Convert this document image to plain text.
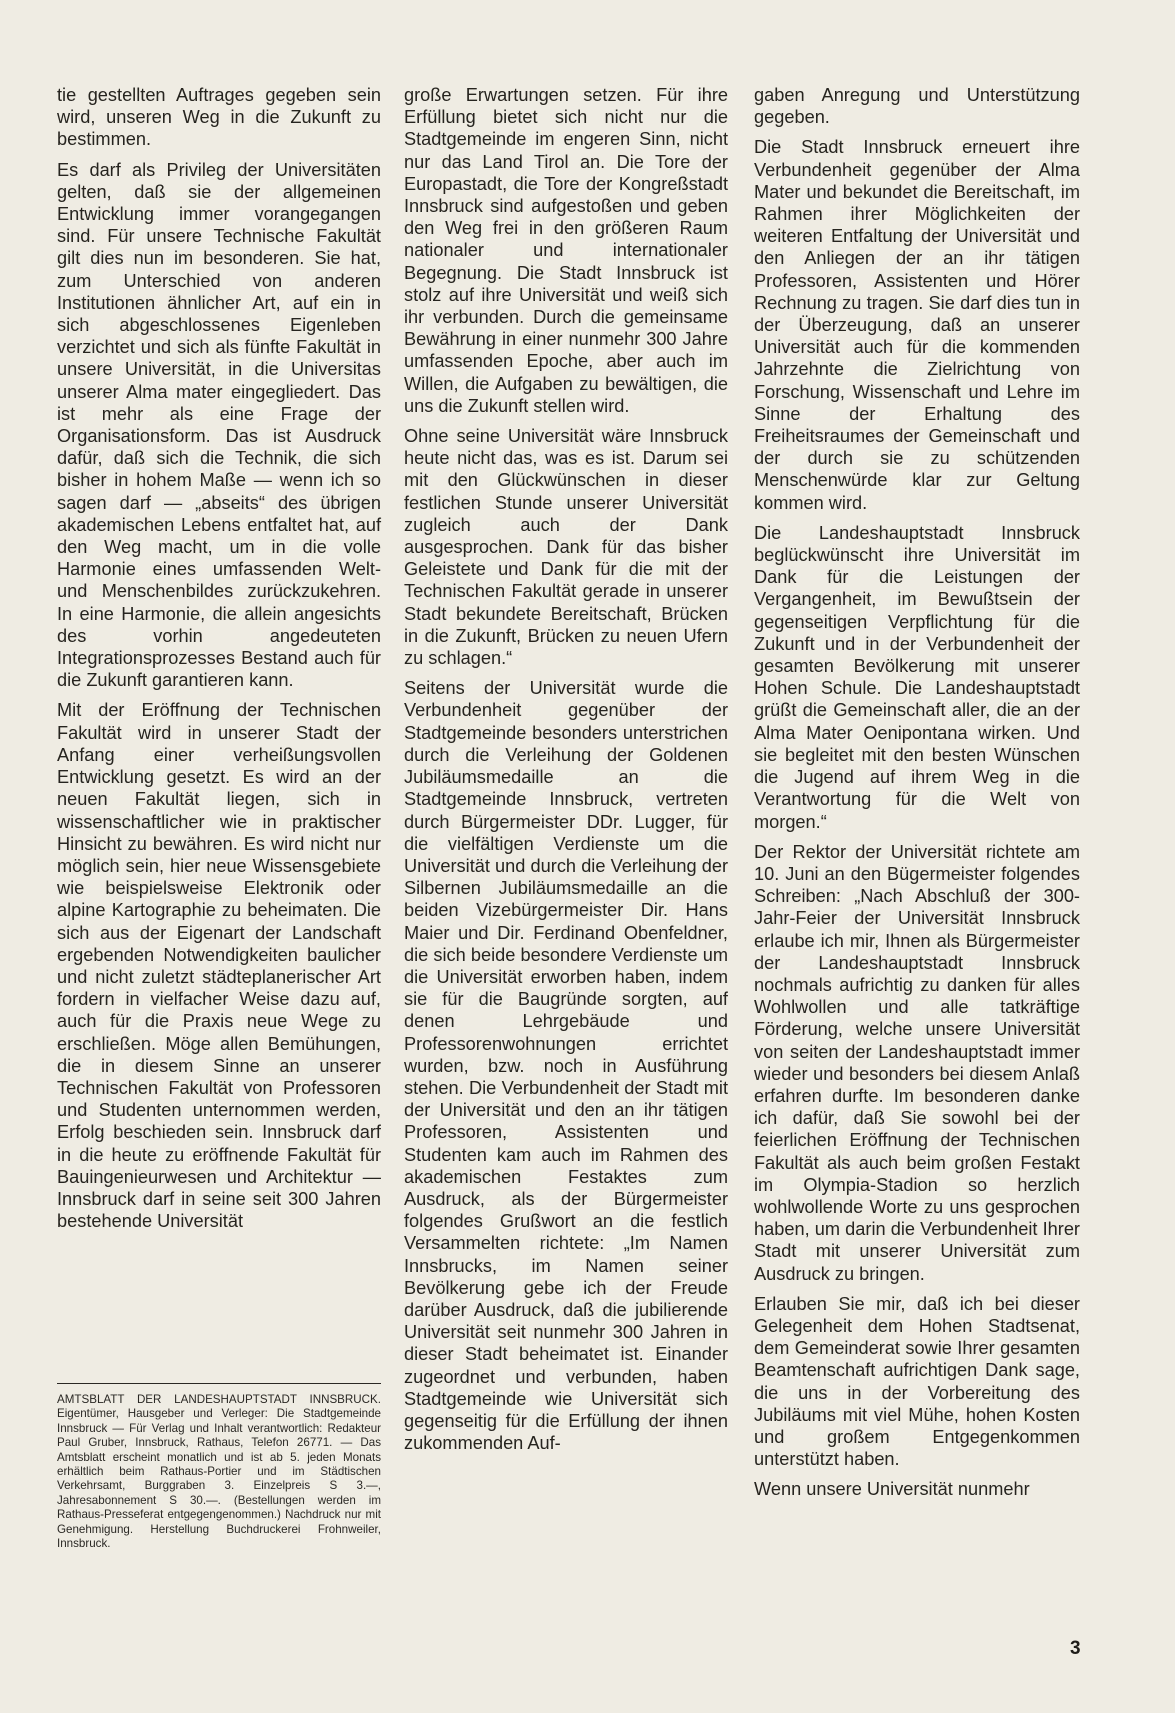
tie gestellten Auftrages gegeben sein wird, unseren Weg in die Zukunft zu bestimmen.

Es darf als Privileg der Universitäten gelten, daß sie der allgemeinen Entwicklung immer vorangegangen sind. Für unsere Technische Fakultät gilt dies nun im besonderen. Sie hat, zum Unterschied von anderen Institutionen ähnlicher Art, auf ein in sich abgeschlossenes Eigenleben verzichtet und sich als fünfte Fakultät in unsere Universität, in die Universitas unserer Alma mater eingegliedert. Das ist mehr als eine Frage der Organisationsform. Das ist Ausdruck dafür, daß sich die Technik, die sich bisher in hohem Maße — wenn ich so sagen darf — „abseits“ des übrigen akademischen Lebens entfaltet hat, auf den Weg macht, um in die volle Harmonie eines umfassenden Welt- und Menschenbildes zurückzukehren. In eine Harmonie, die allein angesichts des vorhin angedeuteten Integrationsprozesses Bestand auch für die Zukunft garantieren kann.

Mit der Eröffnung der Technischen Fakultät wird in unserer Stadt der Anfang einer verheißungsvollen Entwicklung gesetzt. Es wird an der neuen Fakultät liegen, sich in wissenschaftlicher wie in praktischer Hinsicht zu bewähren. Es wird nicht nur möglich sein, hier neue Wissensgebiete wie beispielsweise Elektronik oder alpine Kartographie zu beheimaten. Die sich aus der Eigenart der Landschaft ergebenden Notwendigkeiten baulicher und nicht zuletzt städteplanerischer Art fordern in vielfacher Weise dazu auf, auch für die Praxis neue Wege zu erschließen. Möge allen Bemühungen, die in diesem Sinne an unserer Technischen Fakultät von Professoren und Studenten unternommen werden, Erfolg beschieden sein. Innsbruck darf in die heute zu eröffnende Fakultät für Bauingenieurwesen und Architektur — Innsbruck darf in seine seit 300 Jahren bestehende Universität

große Erwartungen setzen. Für ihre Erfüllung bietet sich nicht nur die Stadtgemeinde im engeren Sinn, nicht nur das Land Tirol an. Die Tore der Europastadt, die Tore der Kongreßstadt Innsbruck sind aufgestoßen und geben den Weg frei in den größeren Raum nationaler und internationaler Begegnung. Die Stadt Innsbruck ist stolz auf ihre Universität und weiß sich ihr verbunden. Durch die gemeinsame Bewährung in einer nunmehr 300 Jahre umfassenden Epoche, aber auch im Willen, die Aufgaben zu bewältigen, die uns die Zukunft stellen wird.

Ohne seine Universität wäre Innsbruck heute nicht das, was es ist. Darum sei mit den Glückwünschen in dieser festlichen Stunde unserer Universität zugleich auch der Dank ausgesprochen. Dank für das bisher Geleistete und Dank für die mit der Technischen Fakultät gerade in unserer Stadt bekundete Bereitschaft, Brücken in die Zukunft, Brücken zu neuen Ufern zu schlagen.“

Seitens der Universität wurde die Verbundenheit gegenüber der Stadtgemeinde besonders unterstrichen durch die Verleihung der Goldenen Jubiläumsmedaille an die Stadtgemeinde Innsbruck, vertreten durch Bürgermeister DDr. Lugger, für die vielfältigen Verdienste um die Universität und durch die Verleihung der Silbernen Jubiläumsmedaille an die beiden Vizebürgermeister Dir. Hans Maier und Dir. Ferdinand Obenfeldner, die sich beide besondere Verdienste um die Universität erworben haben, indem sie für die Baugründe sorgten, auf denen Lehrgebäude und Professorenwohnungen errichtet wurden, bzw. noch in Ausführung stehen. Die Verbundenheit der Stadt mit der Universität und den an ihr tätigen Professoren, Assistenten und Studenten kam auch im Rahmen des akademischen Festaktes zum Ausdruck, als der Bürgermeister folgendes Grußwort an die festlich Versammelten richtete: „Im Namen Innsbrucks, im Namen seiner Bevölkerung gebe ich der Freude darüber Ausdruck, daß die jubilierende Universität seit nunmehr 300 Jahren in dieser Stadt beheimatet ist. Einander zugeordnet und verbunden, haben Stadtgemeinde wie Universität sich gegenseitig für die Erfüllung der ihnen zukommenden Auf-

gaben Anregung und Unterstützung gegeben.

Die Stadt Innsbruck erneuert ihre Verbundenheit gegenüber der Alma Mater und bekundet die Bereitschaft, im Rahmen ihrer Möglichkeiten der weiteren Entfaltung der Universität und den Anliegen der an ihr tätigen Professoren, Assistenten und Hörer Rechnung zu tragen. Sie darf dies tun in der Überzeugung, daß an unserer Universität auch für die kommenden Jahrzehnte die Zielrichtung von Forschung, Wissenschaft und Lehre im Sinne der Erhaltung des Freiheitsraumes der Gemeinschaft und der durch sie zu schützenden Menschenwürde klar zur Geltung kommen wird.

Die Landeshauptstadt Innsbruck beglückwünscht ihre Universität im Dank für die Leistungen der Vergangenheit, im Bewußtsein der gegenseitigen Verpflichtung für die Zukunft und in der Verbundenheit der gesamten Bevölkerung mit unserer Hohen Schule. Die Landeshauptstadt grüßt die Gemeinschaft aller, die an der Alma Mater Oenipontana wirken. Und sie begleitet mit den besten Wünschen die Jugend auf ihrem Weg in die Verantwortung für die Welt von morgen.“

Der Rektor der Universität richtete am 10. Juni an den Bügermeister folgendes Schreiben: „Nach Abschluß der 300-Jahr-Feier der Universität Innsbruck erlaube ich mir, Ihnen als Bürgermeister der Landeshauptstadt Innsbruck nochmals aufrichtig zu danken für alles Wohlwollen und alle tatkräftige Förderung, welche unsere Universität von seiten der Landeshauptstadt immer wieder und besonders bei diesem Anlaß erfahren durfte. Im besonderen danke ich dafür, daß Sie sowohl bei der feierlichen Eröffnung der Technischen Fakultät als auch beim großen Festakt im Olympia-Stadion so herzlich wohlwollende Worte zu uns gesprochen haben, um darin die Verbundenheit Ihrer Stadt mit unserer Universität zum Ausdruck zu bringen.

Erlauben Sie mir, daß ich bei dieser Gelegenheit dem Hohen Stadtsenat, dem Gemeinderat sowie Ihrer gesamten Beamtenschaft aufrichtigen Dank sage, die uns in der Vorbereitung des Jubiläums mit viel Mühe, hohen Kosten und großem Entgegenkommen unterstützt haben.

Wenn unsere Universität nunmehr

AMTSBLATT DER LANDESHAUPTSTADT INNSBRUCK. Eigentümer, Hausgeber und Verleger: Die Stadtgemeinde Innsbruck — Für Verlag und Inhalt verantwortlich: Redakteur Paul Gruber, Innsbruck, Rathaus, Telefon 26771. — Das Amtsblatt erscheint monatlich und ist ab 5. jeden Monats erhältlich beim Rathaus-Portier und im Städtischen Verkehrsamt, Burggraben 3. Einzelpreis S 3.—, Jahresabonnement S 30.—. (Bestellungen werden im Rathaus-Presseferat entgegengenommen.) Nachdruck nur mit Genehmigung. Herstellung Buchdruckerei Frohnweiler, Innsbruck.

3
